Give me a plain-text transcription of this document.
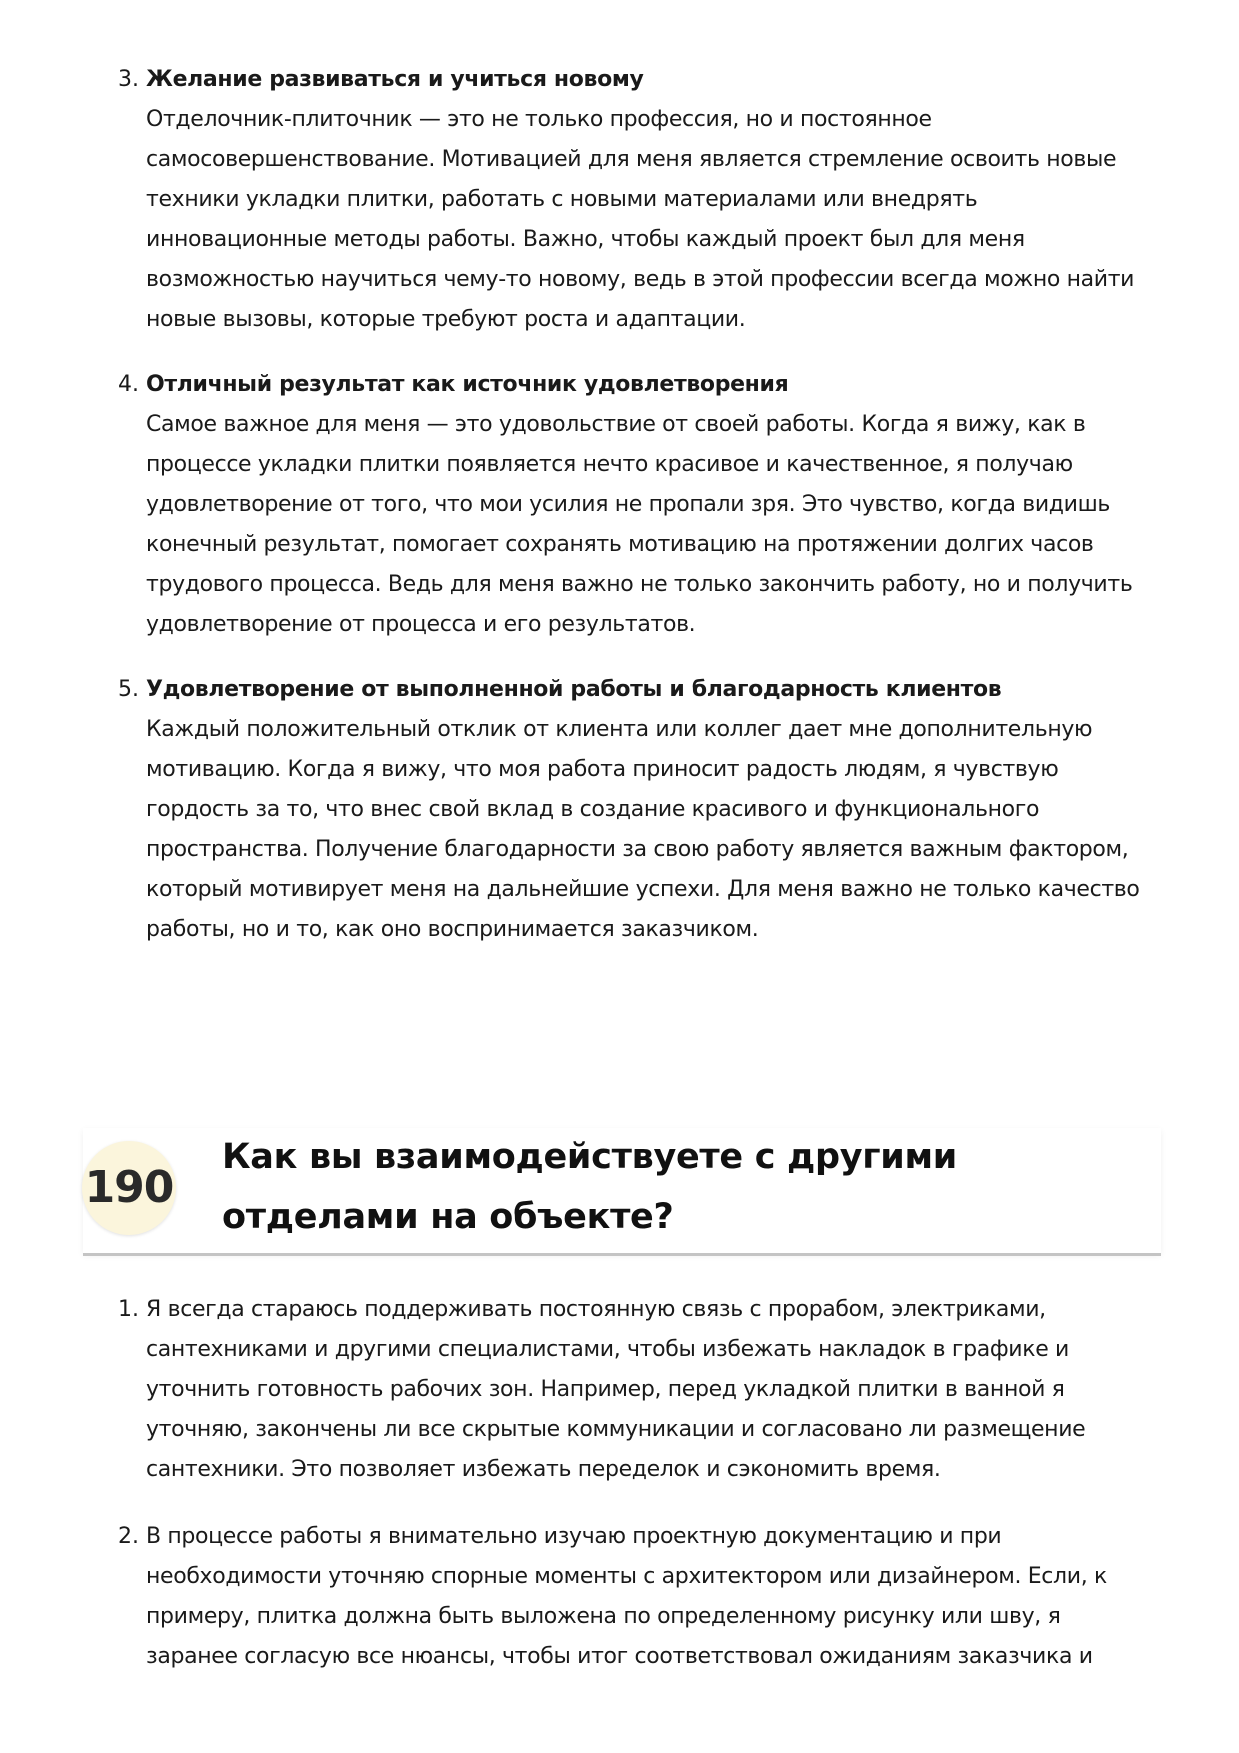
3. Желание развиваться и учиться новому
Отделочник-плиточник — это не только профессия, но и постоянное самосовершенствование. Мотивацией для меня является стремление освоить новые техники укладки плитки, работать с новыми материалами или внедрять инновационные методы работы. Важно, чтобы каждый проект был для меня возможностью научиться чему-то новому, ведь в этой профессии всегда можно найти новые вызовы, которые требуют роста и адаптации.
4. Отличный результат как источник удовлетворения
Самое важное для меня — это удовольствие от своей работы. Когда я вижу, как в процессе укладки плитки появляется нечто красивое и качественное, я получаю удовлетворение от того, что мои усилия не пропали зря. Это чувство, когда видишь конечный результат, помогает сохранять мотивацию на протяжении долгих часов трудового процесса. Ведь для меня важно не только закончить работу, но и получить удовлетворение от процесса и его результатов.
5. Удовлетворение от выполненной работы и благодарность клиентов
Каждый положительный отклик от клиента или коллег дает мне дополнительную мотивацию. Когда я вижу, что моя работа приносит радость людям, я чувствую гордость за то, что внес свой вклад в создание красивого и функционального пространства. Получение благодарности за свою работу является важным фактором, который мотивирует меня на дальнейшие успехи. Для меня важно не только качество работы, но и то, как оно воспринимается заказчиком.
190
Как вы взаимодействуете с другими отделами на объекте?
1. Я всегда стараюсь поддерживать постоянную связь с прорабом, электриками, сантехниками и другими специалистами, чтобы избежать накладок в графике и уточнить готовность рабочих зон. Например, перед укладкой плитки в ванной я уточняю, закончены ли все скрытые коммуникации и согласовано ли размещение сантехники. Это позволяет избежать переделок и сэкономить время.
2. В процессе работы я внимательно изучаю проектную документацию и при необходимости уточняю спорные моменты с архитектором или дизайнером. Если, к примеру, плитка должна быть выложена по определенному рисунку или шву, я заранее согласую все нюансы, чтобы итог соответствовал ожиданиям заказчика и
